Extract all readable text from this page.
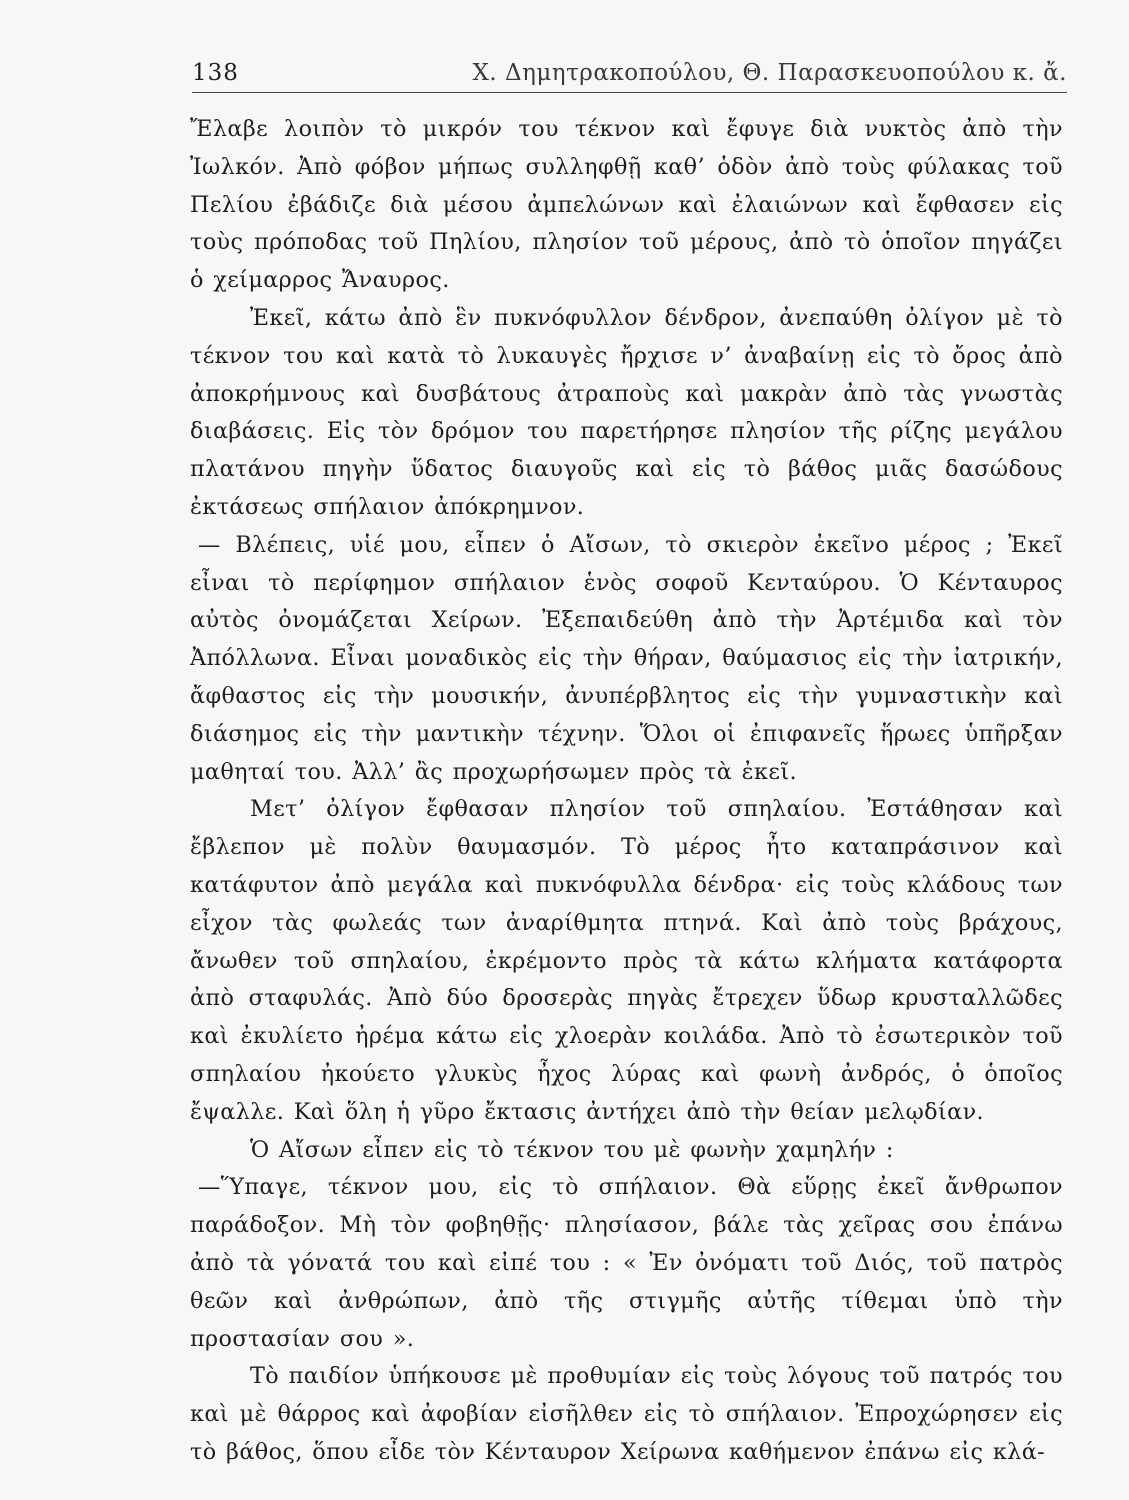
138	Χ. Δημητρακοπούλου, Θ. Παρασκευοπούλου κ. ἄ.

Ἔλαβε λοιπὸν τὸ μικρόν του τέκνον καὶ ἔφυγε διὰ νυκτὸς ἀπὸ τὴν Ἰωλκόν. Ἀπὸ φόβον μήπως συλληφθῇ καθ’ ὁδὸν ἀπὸ τοὺς φύλακας τοῦ Πελίου ἐβάδιζε διὰ μέσου ἀμπελώνων καὶ ἐλαιώνων καὶ ἔφθασεν εἰς τοὺς πρόποδας τοῦ Πηλίου, πλησίον τοῦ μέρους, ἀπὸ τὸ ὁποῖον πηγάζει ὁ χείμαρρος Ἄναυρος.

Ἐκεῖ, κάτω ἀπὸ ἓν πυκνόφυλλον δένδρον, ἀνεπαύθη ὀλίγον μὲ τὸ τέκνον του καὶ κατὰ τὸ λυκαυγὲς ἤρχισε ν’ ἀναβαίνῃ εἰς τὸ ὄρος ἀπὸ ἀποκρήμνους καὶ δυσβάτους ἀτραποὺς καὶ μακρὰν ἀπὸ τὰς γνωστὰς διαβάσεις. Εἰς τὸν δρόμον του παρετήρησε πλησίον τῆς ρίζης μεγάλου πλατάνου πηγὴν ὕδατος διαυγοῦς καὶ εἰς τὸ βάθος μιᾶς δασώδους ἐκτάσεως σπήλαιον ἀπόκρημνον.

— Βλέπεις, υἱέ μου, εἶπεν ὁ Αἴσων, τὸ σκιερὸν ἐκεῖνο μέρος ; Ἐκεῖ εἶναι τὸ περίφημον σπήλαιον ἑνὸς σοφοῦ Κενταύρου. Ὁ Κένταυρος αὐτὸς ὀνομάζεται Χείρων. Ἐξεπαιδεύθη ἀπὸ τὴν Ἀρτέμιδα καὶ τὸν Ἀπόλλωνα. Εἶναι μοναδικὸς εἰς τὴν θήραν, θαύμασιος εἰς τὴν ἰατρικήν, ἄφθαστος εἰς τὴν μουσικήν, ἀνυπέρβλητος εἰς τὴν γυμναστικὴν καὶ διάσημος εἰς τὴν μαντικὴν τέχνην. Ὅλοι οἱ ἐπιφανεῖς ἥρωες ὑπῆρξαν μαθηταί του. Ἀλλ’ ἂς προχωρήσωμεν πρὸς τὰ ἐκεῖ.

Μετ’ ὀλίγον ἔφθασαν πλησίον τοῦ σπηλαίου. Ἐστάθησαν καὶ ἔβλεπον μὲ πολὺν θαυμασμόν. Τὸ μέρος ἦτο καταπράσινον καὶ κατάφυτον ἀπὸ μεγάλα καὶ πυκνόφυλλα δένδρα· εἰς τοὺς κλάδους των εἶχον τὰς φωλεάς των ἀναρίθμητα πτηνά. Καὶ ἀπὸ τοὺς βράχους, ἄνωθεν τοῦ σπηλαίου, ἐκρέμοντο πρὸς τὰ κάτω κλήματα κατάφορτα ἀπὸ σταφυλάς. Ἀπὸ δύο δροσερὰς πηγὰς ἔτρεχεν ὕδωρ κρυσταλλῶδες καὶ ἐκυλίετο ἠρέμα κάτω εἰς χλοερὰν κοιλάδα. Ἀπὸ τὸ ἐσωτερικὸν τοῦ σπηλαίου ἠκούετο γλυκὺς ἦχος λύρας καὶ φωνὴ ἀνδρός, ὁ ὁποῖος ἔψαλλε. Καὶ ὅλη ἡ γῦρο ἔκτασις ἀντήχει ἀπὸ τὴν θείαν μελῳδίαν.

Ὁ Αἴσων εἶπεν εἰς τὸ τέκνον του μὲ φωνὴν χαμηλήν :

—Ὕπαγε, τέκνον μου, εἰς τὸ σπήλαιον. Θὰ εὕρῃς ἐκεῖ ἄνθρωπον παράδοξον. Μὴ τὸν φοβηθῇς· πλησίασον, βάλε τὰς χεῖρας σου ἐπάνω ἀπὸ τὰ γόνατά του καὶ εἰπέ του : « Ἐν ὀνόματι τοῦ Διός, τοῦ πατρὸς θεῶν καὶ ἀνθρώπων, ἀπὸ τῆς στιγμῆς αὐτῆς τίθεμαι ὑπὸ τὴν προστασίαν σου ».

Τὸ παιδίον ὑπήκουσε μὲ προθυμίαν εἰς τοὺς λόγους τοῦ πατρός του καὶ μὲ θάρρος καὶ ἀφοβίαν εἰσῆλθεν εἰς τὸ σπήλαιον. Ἐπροχώρησεν εἰς τὸ βάθος, ὅπου εἶδε τὸν Κένταυρον Χείρωνα καθήμενον ἐπάνω εἰς κλά-
